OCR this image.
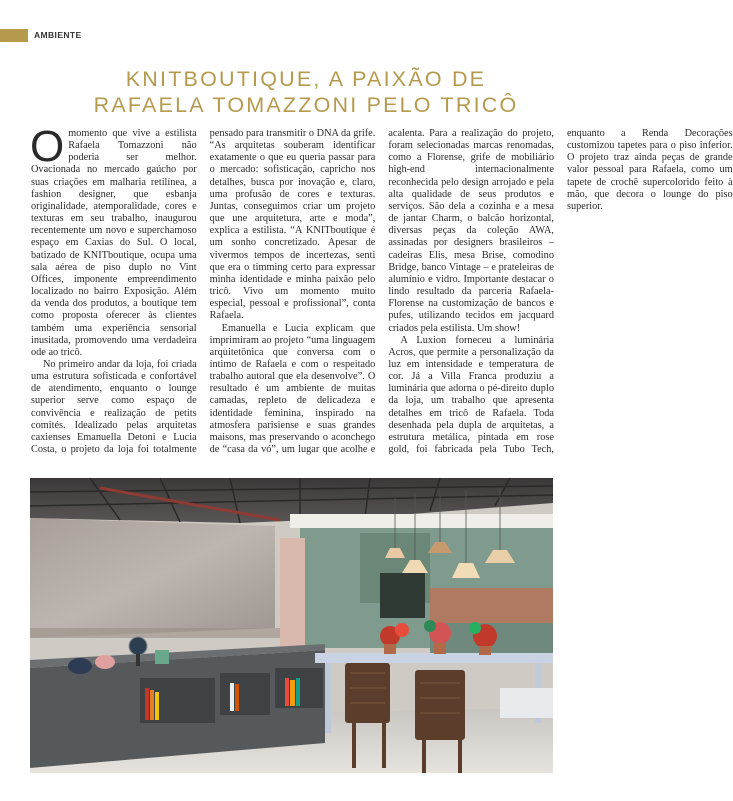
AMBIENTE
KNITBOUTIQUE, A PAIXÃO DE
RAFAELA TOMAZZONI PELO TRICÔ

Omomento que vive a estilista Rafaela Tomazzoni não poderia ser melhor. Ovacionada no mercado gaúcho por suas criações em malharia retilínea, a fashion designer, que esbanja originalidade, atemporalidade, cores e texturas em seu trabalho, inaugurou recentemente um novo e superchamoso espaço em Caxias do Sul. O local, batizado de KNITboutique, ocupa uma sala aérea de piso duplo no Vint Offices, imponente empreendimento localizado no bairro Exposição. Além da venda dos produtos, a boutique tem como proposta oferecer às clientes também uma experiência sensorial inusitada, promovendo uma verdadeira ode ao tricô.

No primeiro andar da loja, foi criada uma estrutura sofisticada e confortável de atendimento, enquanto o lounge superior serve como espaço de convivência e realização de petits comités. Idealizado pelas arquitetas caxienses Emanuella Detoni e Lucia Costa, o projeto da loja foi totalmente pensado para transmitir o DNA da grife. “As arquitetas souberam identificar exatamente o que eu queria passar para o mercado: sofisticação, capricho nos detalhes, busca por inovação e, claro, uma profusão de cores e texturas. Juntas, conseguimos criar um projeto que une arquitetura, arte e moda”, explica a estilista. “A KNITboutique é um sonho concretizado. Apesar de vivermos tempos de incertezas, senti que era o timming certo para expressar minha identidade e minha paixão pelo tricô. Vivo um momento muito especial, pessoal e profissional”, conta Rafaela.

Emanuella e Lucia explicam que imprimiram ao projeto “uma linguagem arquitetônica que conversa com o íntimo de Rafaela e com o respeitado trabalho autoral que ela desenvolve”. O resultado é um ambiente de muitas camadas, repleto de delicadeza e identidade feminina, inspirado na atmosfera parisiense e suas grandes maisons, mas preservando o aconchego de “casa da vó”, um lugar que acolhe e acalenta. Para a realização do projeto, foram selecionadas marcas renomadas, como a Florense, grife de mobiliário high-end internacionalmente reconhecida pelo design arrojado e pela alta qualidade de seus produtos e serviços. São dela a cozinha e a mesa de jantar Charm, o balcão horizontal, diversas peças da coleção AWA, assinadas por designers brasileiros – cadeiras Elis, mesa Brise, comodino Bridge, banco Vintage – e prateleiras de alumínio e vidro. Importante destacar o lindo resultado da parceria Rafaela-Florense na customização de bancos e pufes, utilizando tecidos em jacquard criados pela estilista. Um show!

A Luxion forneceu a luminária Acros, que permite a personalização da luz em intensidade e temperatura de cor. Já a Villa Franca produziu a luminária que adorna o pé-direito duplo da loja, um trabalho que apresenta detalhes em tricô de Rafaela. Toda desenhada pela dupla de arquitetas, a estrutura metálica, pintada em rose gold, foi fabricada pela Tubo Tech, enquanto a Renda Decorações customizou tapetes para o piso inferior. O projeto traz ainda peças de grande valor pessoal para Rafaela, como um tapete de crochê supercolorido feito à mão, que decora o lounge do piso superior.
